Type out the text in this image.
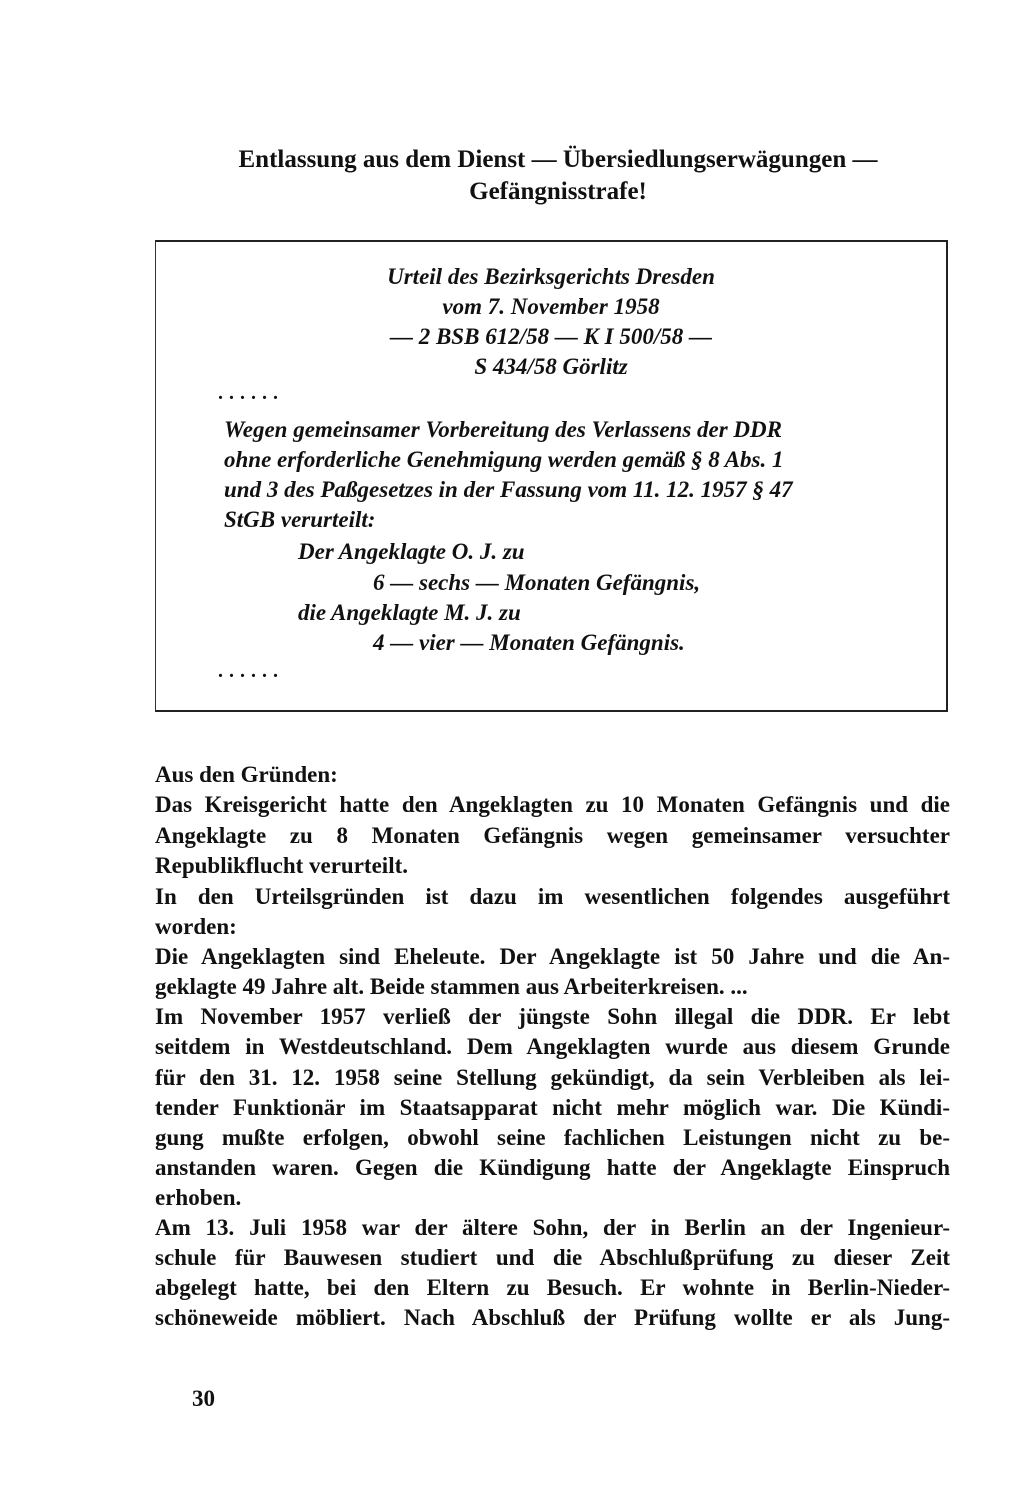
Entlassung aus dem Dienst — Übersiedlungserwägungen —
Gefängnisstrafe!
Urteil des Bezirksgerichts Dresden
vom 7. November 1958
— 2 BSB 612/58 — K I 500/58 —
S 434/58 Görlitz
......
Wegen gemeinsamer Vorbereitung des Verlassens der DDR
ohne erforderliche Genehmigung werden gemäß § 8 Abs. 1
und 3 des Paßgesetzes in der Fassung vom 11. 12. 1957 § 47
StGB verurteilt:
Der Angeklagte O. J. zu
6 — sechs — Monaten Gefängnis,
die Angeklagte M. J. zu
4 — vier — Monaten Gefängnis.
......
Aus den Gründen:
Das Kreisgericht hatte den Angeklagten zu 10 Monaten Gefängnis und die
Angeklagte zu 8 Monaten Gefängnis wegen gemeinsamer versuchter
Republikflucht verurteilt.
In den Urteilsgründen ist dazu im wesentlichen folgendes ausgeführt
worden:
Die Angeklagten sind Eheleute. Der Angeklagte ist 50 Jahre und die An-
geklagte 49 Jahre alt. Beide stammen aus Arbeiterkreisen. ...
Im November 1957 verließ der jüngste Sohn illegal die DDR. Er lebt
seitdem in Westdeutschland. Dem Angeklagten wurde aus diesem Grunde
für den 31. 12. 1958 seine Stellung gekündigt, da sein Verbleiben als lei-
tender Funktionär im Staatsapparat nicht mehr möglich war. Die Kündi-
gung mußte erfolgen, obwohl seine fachlichen Leistungen nicht zu be-
anstanden waren. Gegen die Kündigung hatte der Angeklagte Einspruch
erhoben.
Am 13. Juli 1958 war der ältere Sohn, der in Berlin an der Ingenieur-
schule für Bauwesen studiert und die Abschlußprüfung zu dieser Zeit
abgelegt hatte, bei den Eltern zu Besuch. Er wohnte in Berlin-Nieder-
schöneweide möbliert. Nach Abschluß der Prüfung wollte er als Jung-
30
